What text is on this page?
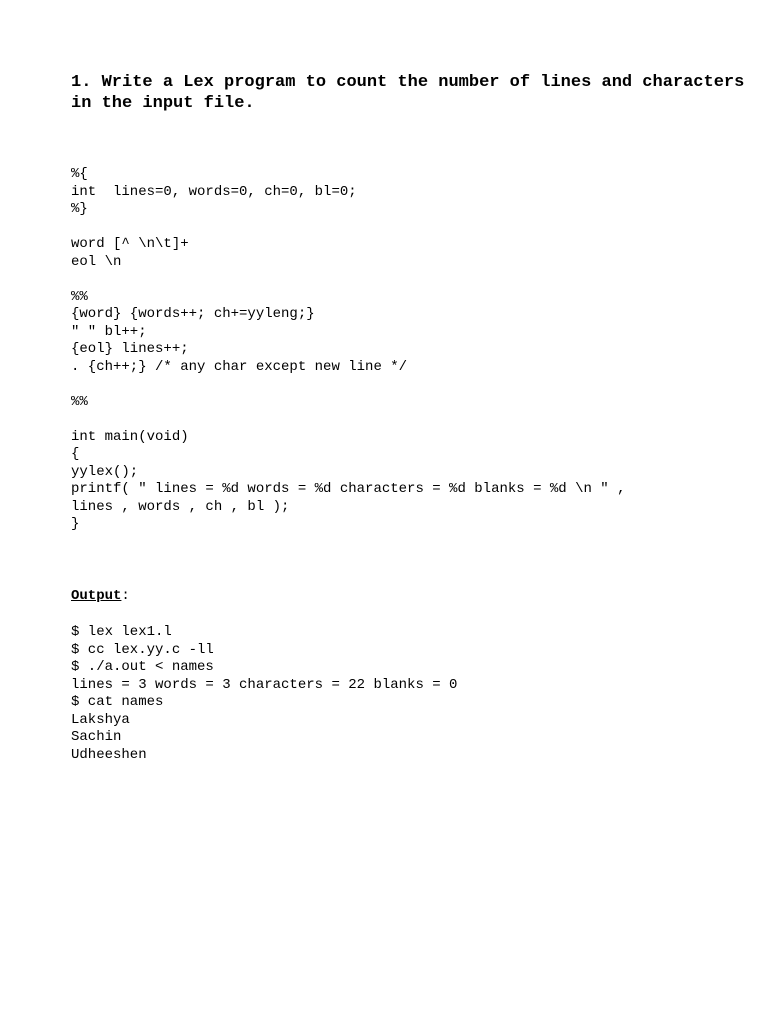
1. Write a Lex program to count the number of lines and characters in the input file.

%{
int  lines=0, words=0, ch=0, bl=0;
%}
word [^ \n\t]+
eol \n
%%
{word} {words++; ch+=yyleng;}
" " bl++;
{eol} lines++;
. {ch++;} /* any char except new line */
%%
int main(void)
{
yylex();
printf( " lines = %d words = %d characters = %d blanks = %d \n " ,
lines , words , ch , bl );
}
Output:
$ lex lex1.l
$ cc lex.yy.c -ll
$ ./a.out < names
lines = 3 words = 3 characters = 22 blanks = 0
$ cat names
Lakshya
Sachin
Udheeshen
